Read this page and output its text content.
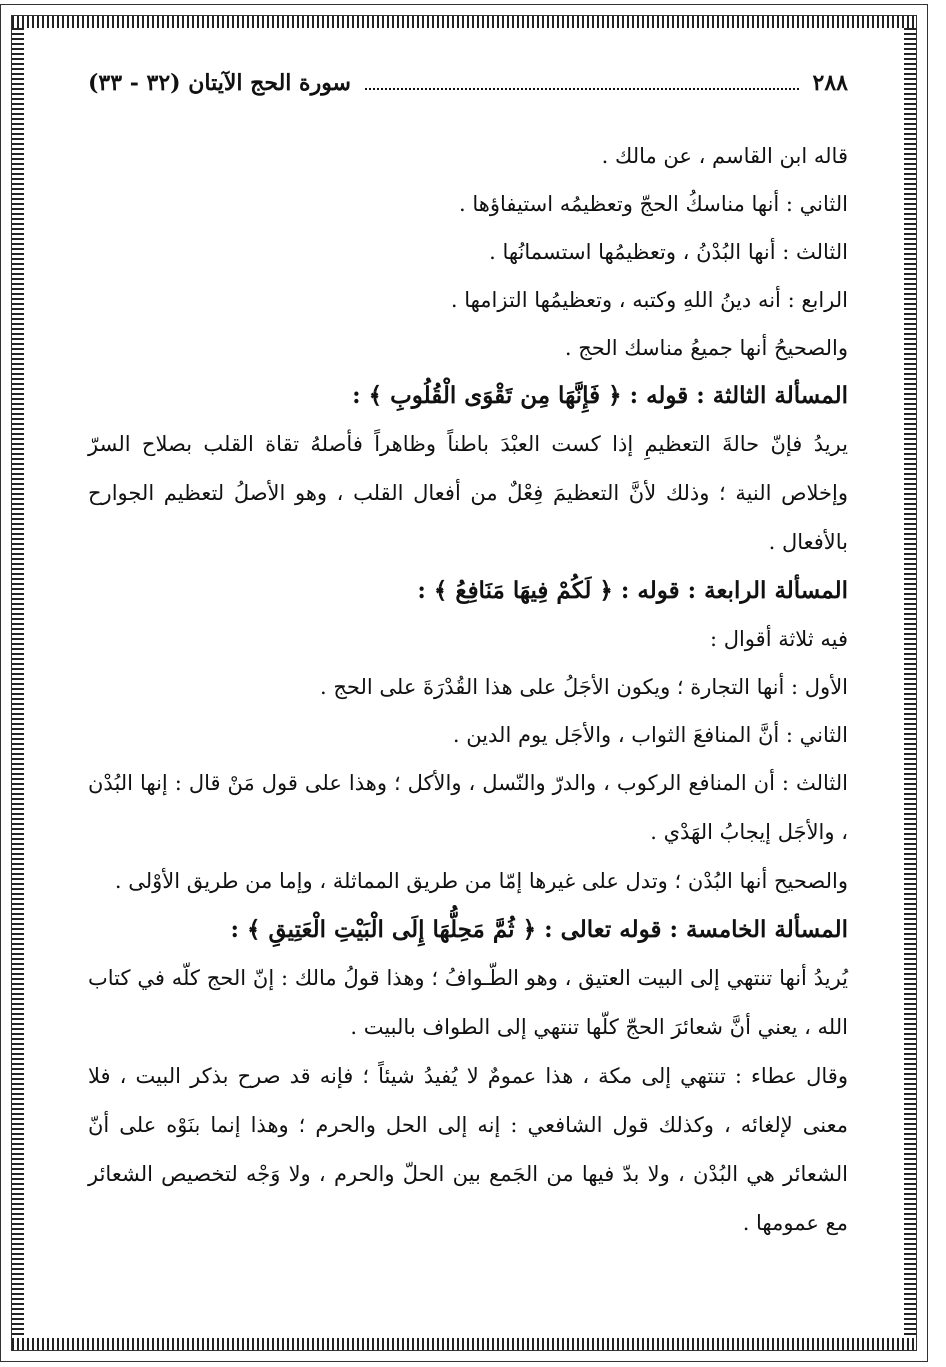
٢٨٨
سورة الحج الآيتان (٣٢ - ٣٣)
قاله ابن القاسم ، عن مالك .
الثاني : أنها مناسكُ الحجّ وتعظيمُه استيفاؤها .
الثالث : أنها البُدْنُ ، وتعظيمُها استسمانُها .
الرابع : أنه دينُ اللهِ وكتبه ، وتعظيمُها التزامها .
والصحيحُ أنها جميعُ مناسك الحج .
المسألة الثالثة : قوله : ﴿ فَإِنَّهَا مِن تَقْوَى الْقُلُوبِ ﴾ :
يريدُ فإنّ حالةَ التعظيمِ إذا كست العبْدَ باطناً وظاهراً فأصلهُ تقاة القلب بصلاح السرّ وإخلاص النية ؛ وذلك لأنَّ التعظيمَ فِعْلٌ من أفعال القلب ، وهو الأصلُ لتعظيم الجوارح بالأفعال .
المسألة الرابعة : قوله : ﴿ لَكُمْ فِيهَا مَنَافِعُ ﴾ :
فيه ثلاثة أقوال :
الأول : أنها التجارة ؛ ويكون الأجَلُ على هذا القُدْرَةَ على الحج .
الثاني : أنَّ المنافعَ الثواب ، والأجَل يوم الدين .
الثالث : أن المنافع الركوب ، والدرّ والنّسل ، والأكل ؛ وهذا على قول مَنْ قال : إنها البُدْن ، والأجَل إيجابُ الهَدْي .
والصحيح أنها البُدْن ؛ وتدل على غيرها إمّا من طريق المماثلة ، وإما من طريق الأوْلى .
المسألة الخامسة : قوله تعالى : ﴿ ثُمَّ مَحِلُّهَا إِلَى الْبَيْتِ الْعَتِيقِ ﴾ :
يُريدُ أنها تنتهي إلى البيت العتيق ، وهو الطّـوافُ ؛ وهذا قولُ مالك : إنّ الحج كلّه في كتاب الله ، يعني أنَّ شعائرَ الحجّ كلّها تنتهي إلى الطواف بالبيت .
وقال عطاء : تنتهي إلى مكة ، هذا عمومٌ لا يُفيدُ شيئاً ؛ فإنه قد صرح بذكر البيت ، فلا معنى لإلغائه ، وكذلك قول الشافعي : إنه إلى الحل والحرم ؛ وهذا إنما بنَوْه على أنّ الشعائر هي البُدْن ، ولا بدّ فيها من الجَمع بين الحلّ والحرم ، ولا وَجْه لتخصيص الشعائر مع عمومها .
